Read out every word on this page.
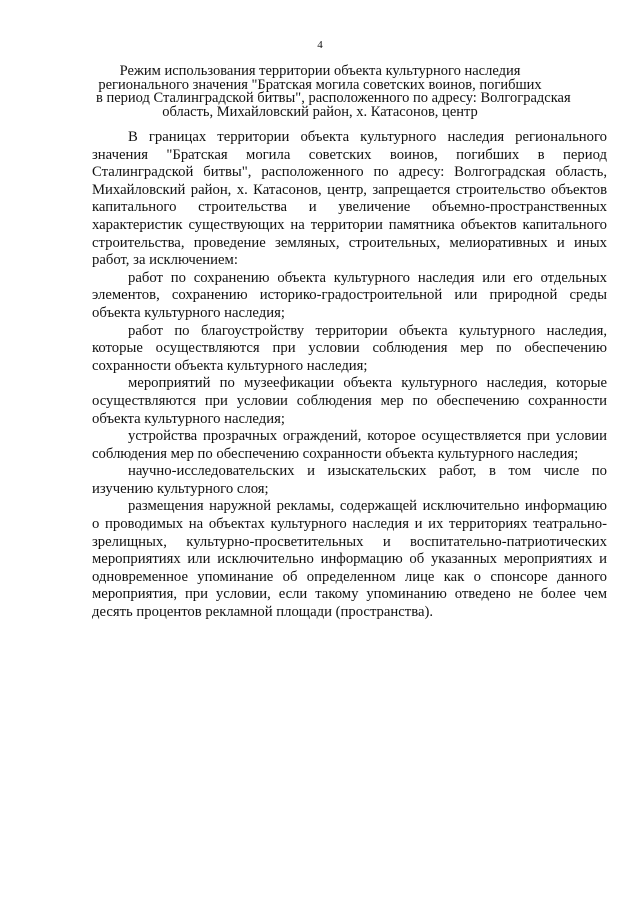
4
Режим использования территории объекта культурного наследия
регионального значения "Братская могила советских воинов, погибших
в период Сталинградской битвы", расположенного по адресу: Волгоградская
область, Михайловский район, х. Катасонов, центр

В границах территории объекта культурного наследия регионального значения "Братская могила советских воинов, погибших в период Сталинградской битвы", расположенного по адресу: Волгоградская область, Михайловский район, х. Катасонов, центр, запрещается строительство объектов капитального строительства и увеличение объемно-пространственных характеристик существующих на территории памятника объектов капитального строительства, проведение земляных, строительных, мелиоративных и иных работ, за исключением:

работ по сохранению объекта культурного наследия или его отдельных элементов, сохранению историко-градостроительной или природной среды объекта культурного наследия;

работ по благоустройству территории объекта культурного наследия, которые осуществляются при условии соблюдения мер по обеспечению сохранности объекта культурного наследия;

мероприятий по музеефикации объекта культурного наследия, которые осуществляются при условии соблюдения мер по обеспечению сохранности объекта культурного наследия;

устройства прозрачных ограждений, которое осуществляется при условии соблюдения мер по обеспечению сохранности объекта культурного наследия;

научно-исследовательских и изыскательских работ, в том числе по изучению культурного слоя;

размещения наружной рекламы, содержащей исключительно информацию о проводимых на объектах культурного наследия и их территориях театрально-зрелищных, культурно-просветительных и воспитательно-патриотических мероприятиях или исключительно информацию об указанных мероприятиях и одновременное упоминание об определенном лице как о спонсоре данного мероприятия, при условии, если такому упоминанию отведено не более чем десять процентов рекламной площади (пространства).
